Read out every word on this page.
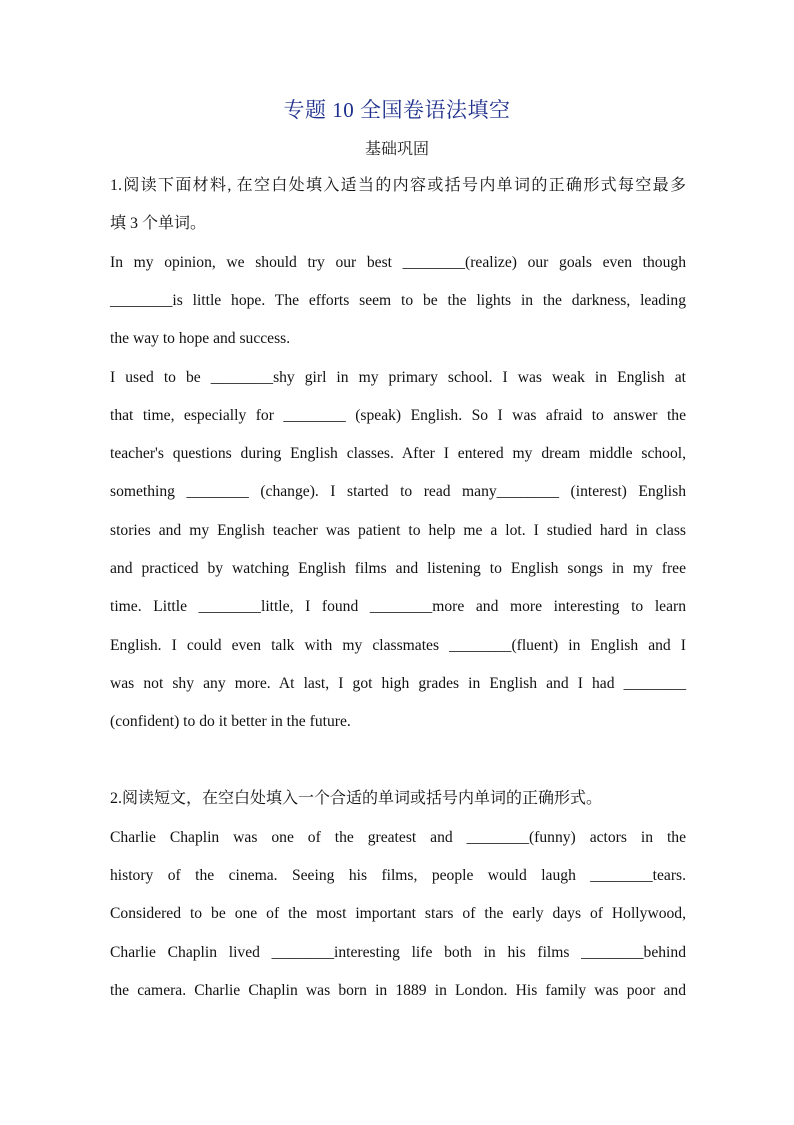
专题 10 全国卷语法填空
基础巩固
1.阅读下面材料, 在空白处填入适当的内容或括号内单词的正确形式每空最多
填 3 个单词。
In my opinion, we should try our best ________(realize) our goals even though
________is little hope. The efforts seem to be the lights in the darkness, leading
the way to hope and success.
I used to be ________shy girl in my primary school. I was weak in English at
that time, especially for ________ (speak) English. So I was afraid to answer the
teacher's questions during English classes. After I entered my dream middle school,
something ________ (change). I started to read many________ (interest) English
stories and my English teacher was patient to help me a lot. I studied hard in class
and practiced by watching English films and listening to English songs in my free
time. Little ________little, I found ________more and more interesting to learn
English. I could even talk with my classmates ________(fluent) in English and I
was not shy any more. At last, I got high grades in English and I had ________
(confident) to do it better in the future.
2.阅读短文，在空白处填入一个合适的单词或括号内单词的正确形式。
Charlie Chaplin was one of the greatest and ________(funny) actors in the
history of the cinema. Seeing his films, people would laugh ________tears.
Considered to be one of the most important stars of the early days of Hollywood,
Charlie Chaplin lived ________interesting life both in his films ________behind
the camera. Charlie Chaplin was born in 1889 in London. His family was poor and
